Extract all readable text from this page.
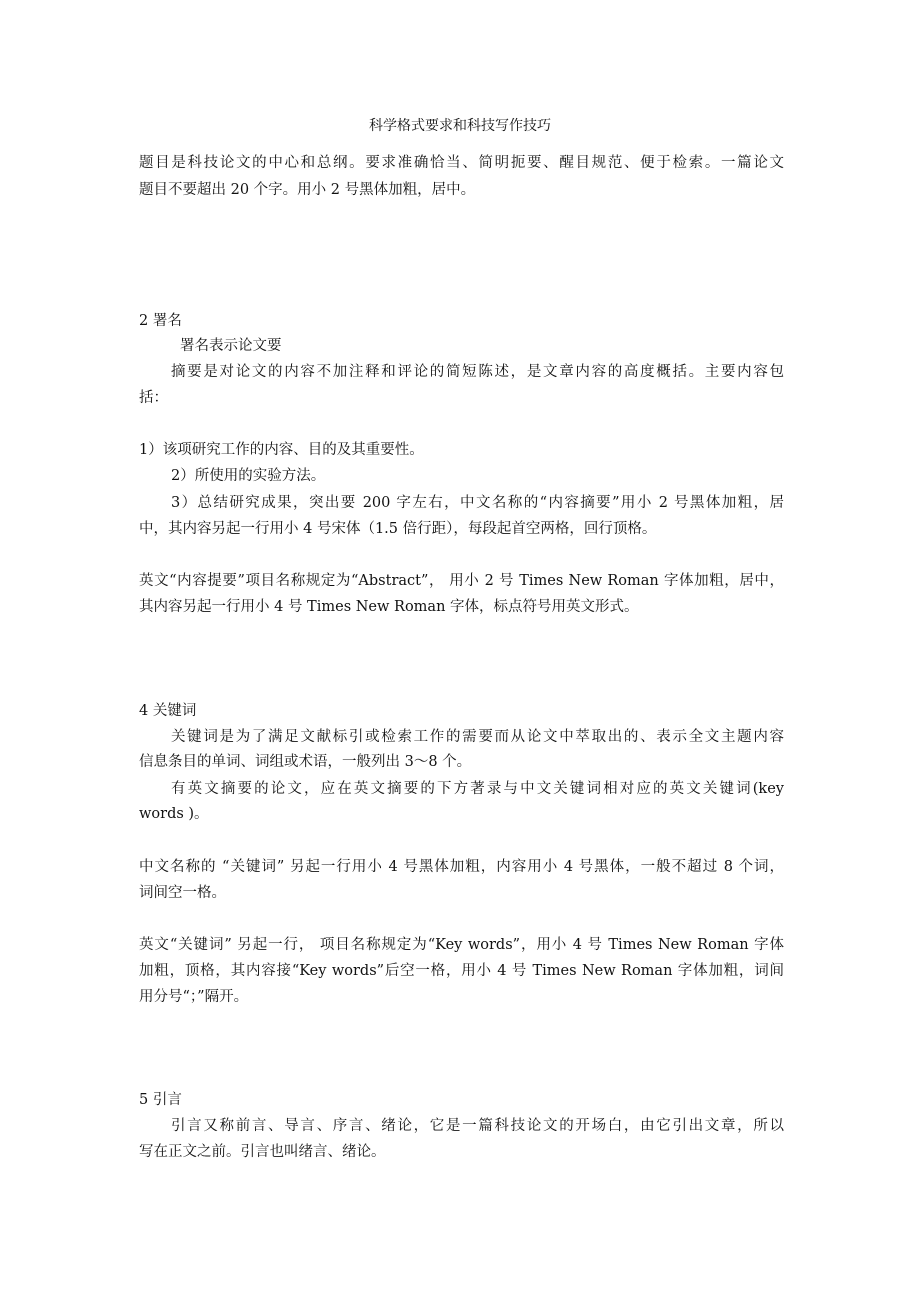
科学格式要求和科技写作技巧
题目是科技论文的中心和总纲。要求准确恰当、简明扼要、醒目规范、便于检索。一篇论文
题目不要超出 20 个字。用小 2 号黑体加粗，居中。
2 署名
署名表示论文要
摘要是对论文的内容不加注释和评论的简短陈述，是文章内容的高度概括。主要内容包
括：
1）该项研究工作的内容、目的及其重要性。
2）所使用的实验方法。
3）总结研究成果，突出要 200 字左右，中文名称的“内容摘要”用小 2 号黑体加粗，居
中，其内容另起一行用小 4 号宋体（1.5 倍行距），每段起首空两格，回行顶格。
英文“内容提要”项目名称规定为“Abstract”， 用小 2 号 Times New Roman 字体加粗，居中，
其内容另起一行用小 4 号 Times New Roman 字体，标点符号用英文形式。
4 关键词
关键词是为了满足文献标引或检索工作的需要而从论文中萃取出的、表示全文主题内容
信息条目的单词、词组或术语，一般列出 3～8 个。
有英文摘要的论文，应在英文摘要的下方著录与中文关键词相对应的英文关键词(key
words )。
中文名称的 “关键词” 另起一行用小 4 号黑体加粗，内容用小 4 号黑体，一般不超过 8 个词，
词间空一格。
英文“关键词” 另起一行， 项目名称规定为“Key words”，用小 4 号 Times New Roman 字体
加粗，顶格，其内容接“Key words”后空一格，用小 4 号 Times New Roman 字体加粗，词间
用分号“；”隔开。
5 引言
引言又称前言、导言、序言、绪论，它是一篇科技论文的开场白，由它引出文章，所以
写在正文之前。引言也叫绪言、绪论。
